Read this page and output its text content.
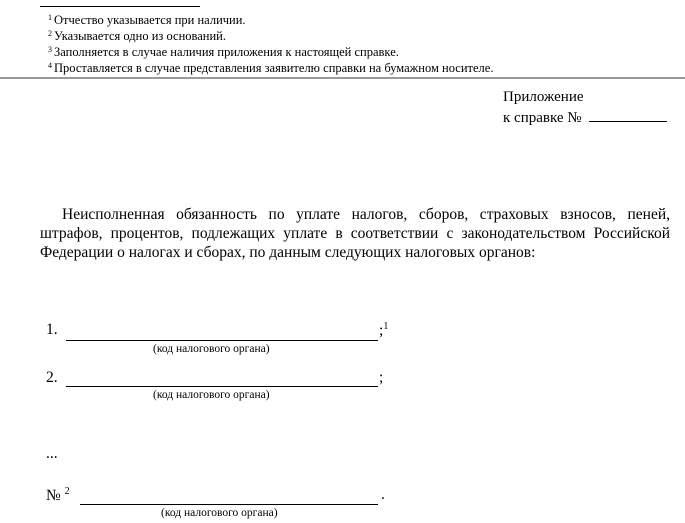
$^1$ Отчество указывается при наличии.
$^2$ Указывается одно из оснований.
$^3$ Заполняется в случае наличия приложения к настоящей справке.
$^4$ Проставляется в случае представления заявителю справки на бумажном носителе.
Приложение
к справке №
Неисполненная обязанность по уплате налогов, сборов, страховых взносов, пеней, штрафов, процентов, подлежащих уплате в соответствии с законодательством Российской Федерации о налогах и сборах, по данным следующих налоговых органов:
1.	;$^1$
(код налогового органа)
2.	;
(код налогового органа)
...
№ $^2$	.
(код налогового органа)
